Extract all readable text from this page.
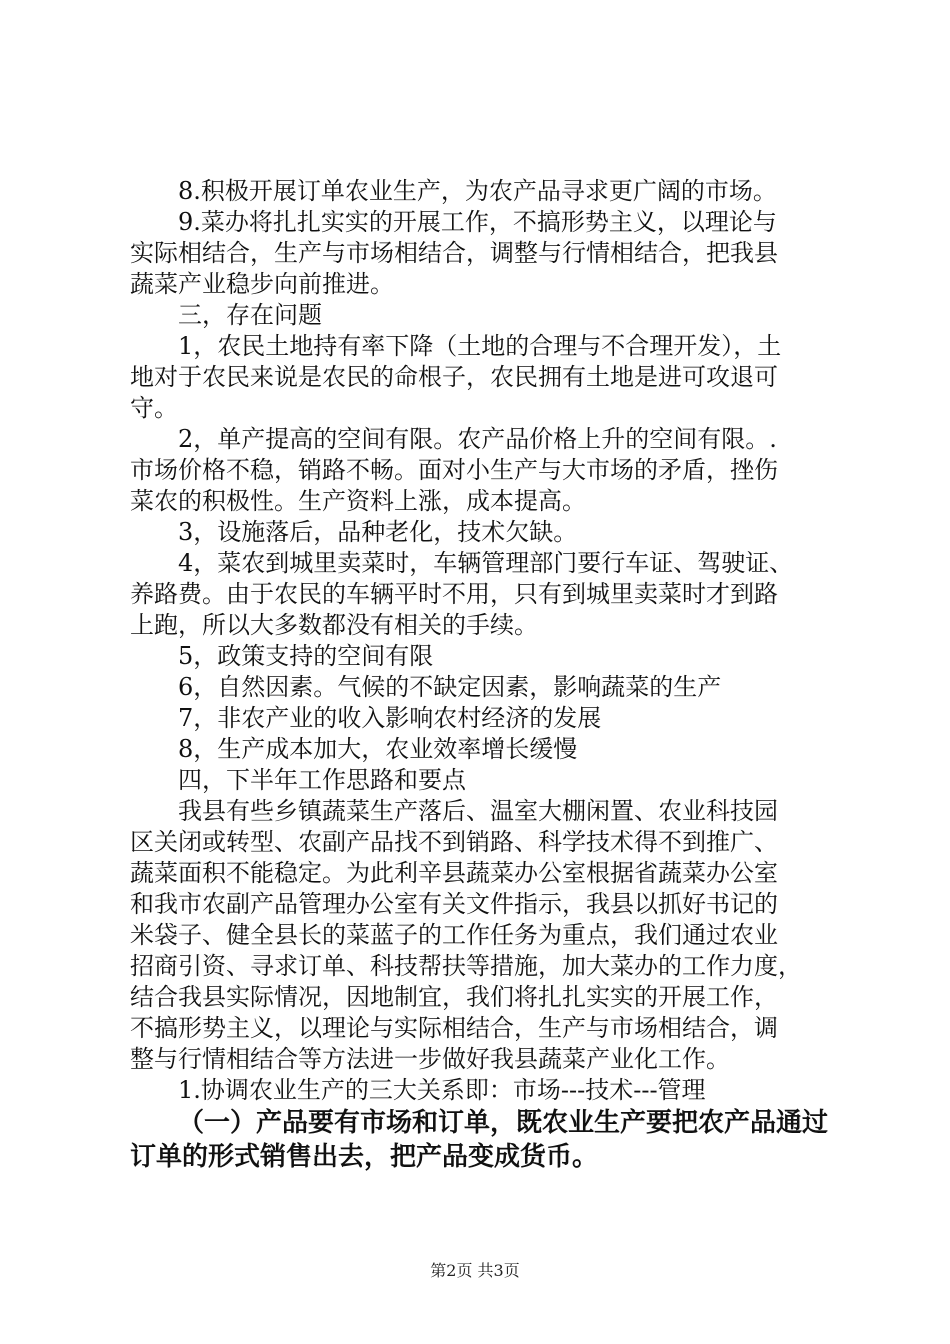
8.积极开展订单农业生产，为农产品寻求更广阔的市场。
9.菜办将扎扎实实的开展工作，不搞形势主义，以理论与
实际相结合，生产与市场相结合，调整与行情相结合，把我县
蔬菜产业稳步向前推进。
三，存在问题
1，农民土地持有率下降（土地的合理与不合理开发），土
地对于农民来说是农民的命根子，农民拥有土地是进可攻退可
守。
2，单产提高的空间有限。农产品价格上升的空间有限。.
市场价格不稳，销路不畅。面对小生产与大市场的矛盾，挫伤
菜农的积极性。生产资料上涨，成本提高。
3，设施落后，品种老化，技术欠缺。
4，菜农到城里卖菜时，车辆管理部门要行车证、驾驶证、
养路费。由于农民的车辆平时不用，只有到城里卖菜时才到路
上跑，所以大多数都没有相关的手续。
5，政策支持的空间有限
6，自然因素。气候的不缺定因素，影响蔬菜的生产
7，非农产业的收入影响农村经济的发展
8，生产成本加大，农业效率增长缓慢
四，下半年工作思路和要点
我县有些乡镇蔬菜生产落后、温室大棚闲置、农业科技园
区关闭或转型、农副产品找不到销路、科学技术得不到推广、
蔬菜面积不能稳定。为此利辛县蔬菜办公室根据省蔬菜办公室
和我市农副产品管理办公室有关文件指示，我县以抓好书记的
米袋子、健全县长的菜蓝子的工作任务为重点，我们通过农业
招商引资、寻求订单、科技帮扶等措施，加大菜办的工作力度，
结合我县实际情况，因地制宜，我们将扎扎实实的开展工作，
不搞形势主义，以理论与实际相结合，生产与市场相结合，调
整与行情相结合等方法进一步做好我县蔬菜产业化工作。
1.协调农业生产的三大关系即：市场---技术---管理
（一）产品要有市场和订单，既农业生产要把农产品通过
订单的形式销售出去，把产品变成货币。
第2页 共3页
